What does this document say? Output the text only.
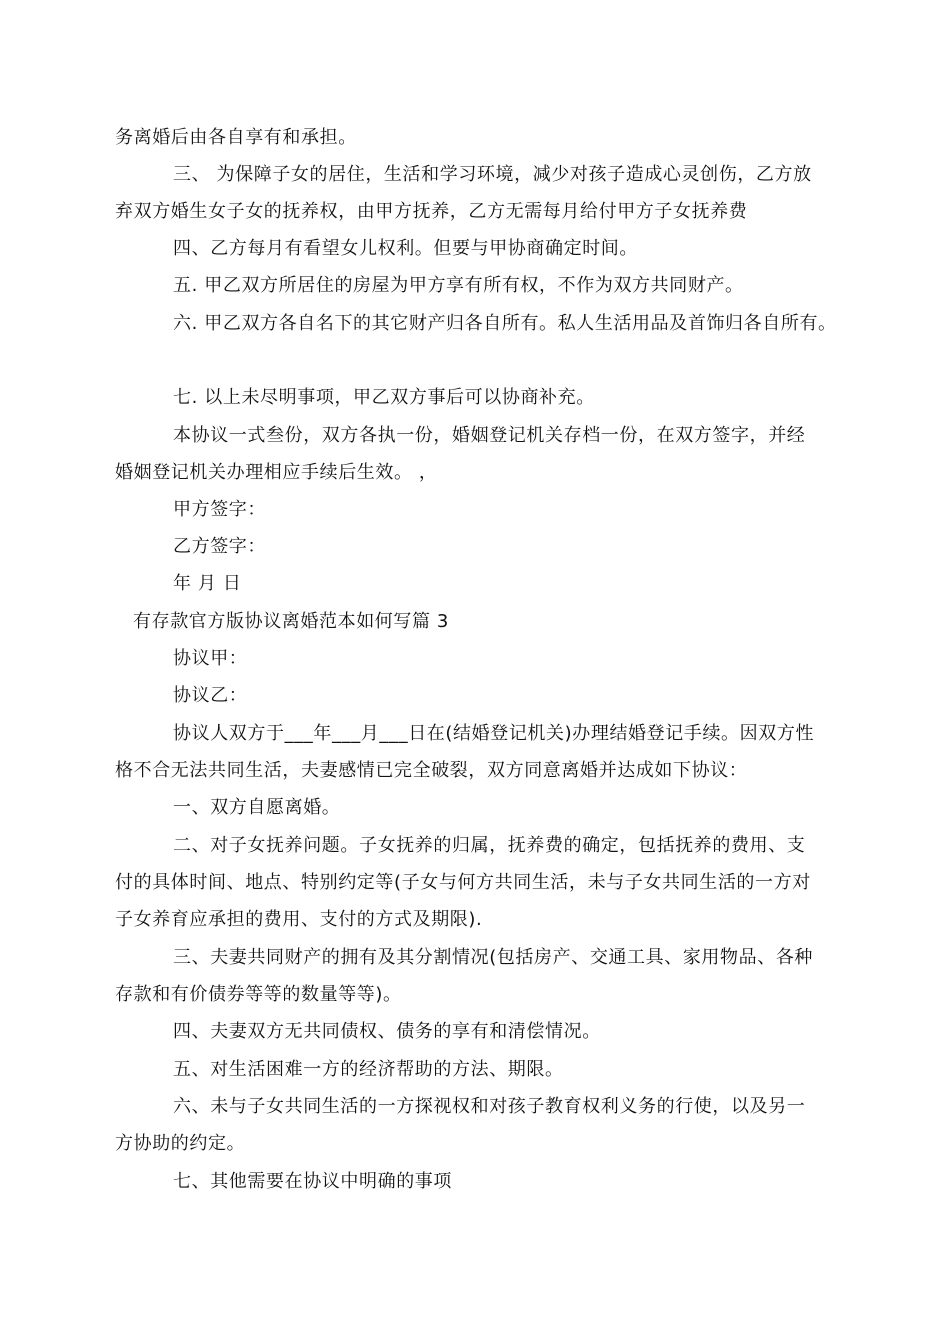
务离婚后由各自享有和承担。
三、 为保障子女的居住，生活和学习环境，减少对孩子造成心灵创伤，乙方放
弃双方婚生女子女的抚养权，由甲方抚养，乙方无需每月给付甲方子女抚养费
四、乙方每月有看望女儿权利。但要与甲协商确定时间。
五. 甲乙双方所居住的房屋为甲方享有所有权，不作为双方共同财产。
六. 甲乙双方各自名下的其它财产归各自所有。私人生活用品及首饰归各自所有。
七. 以上未尽明事项，甲乙双方事后可以协商补充。
本协议一式叁份，双方各执一份，婚姻登记机关存档一份，在双方签字，并经
婚姻登记机关办理相应手续后生效。 ，
甲方签字：
乙方签字：
年 月 日
有存款官方版协议离婚范本如何写篇 3
协议甲：
协议乙：
协议人双方于___年___月___日在(结婚登记机关)办理结婚登记手续。因双方性
格不合无法共同生活，夫妻感情已完全破裂，双方同意离婚并达成如下协议：
一、双方自愿离婚。
二、对子女抚养问题。子女抚养的归属，抚养费的确定，包括抚养的费用、支
付的具体时间、地点、特别约定等(子女与何方共同生活，未与子女共同生活的一方对
子女养育应承担的费用、支付的方式及期限).
三、夫妻共同财产的拥有及其分割情况(包括房产、交通工具、家用物品、各种
存款和有价债券等等的数量等等)。
四、夫妻双方无共同债权、债务的享有和清偿情况。
五、对生活困难一方的经济帮助的方法、期限。
六、未与子女共同生活的一方探视权和对孩子教育权利义务的行使，以及另一
方协助的约定。
七、其他需要在协议中明确的事项
